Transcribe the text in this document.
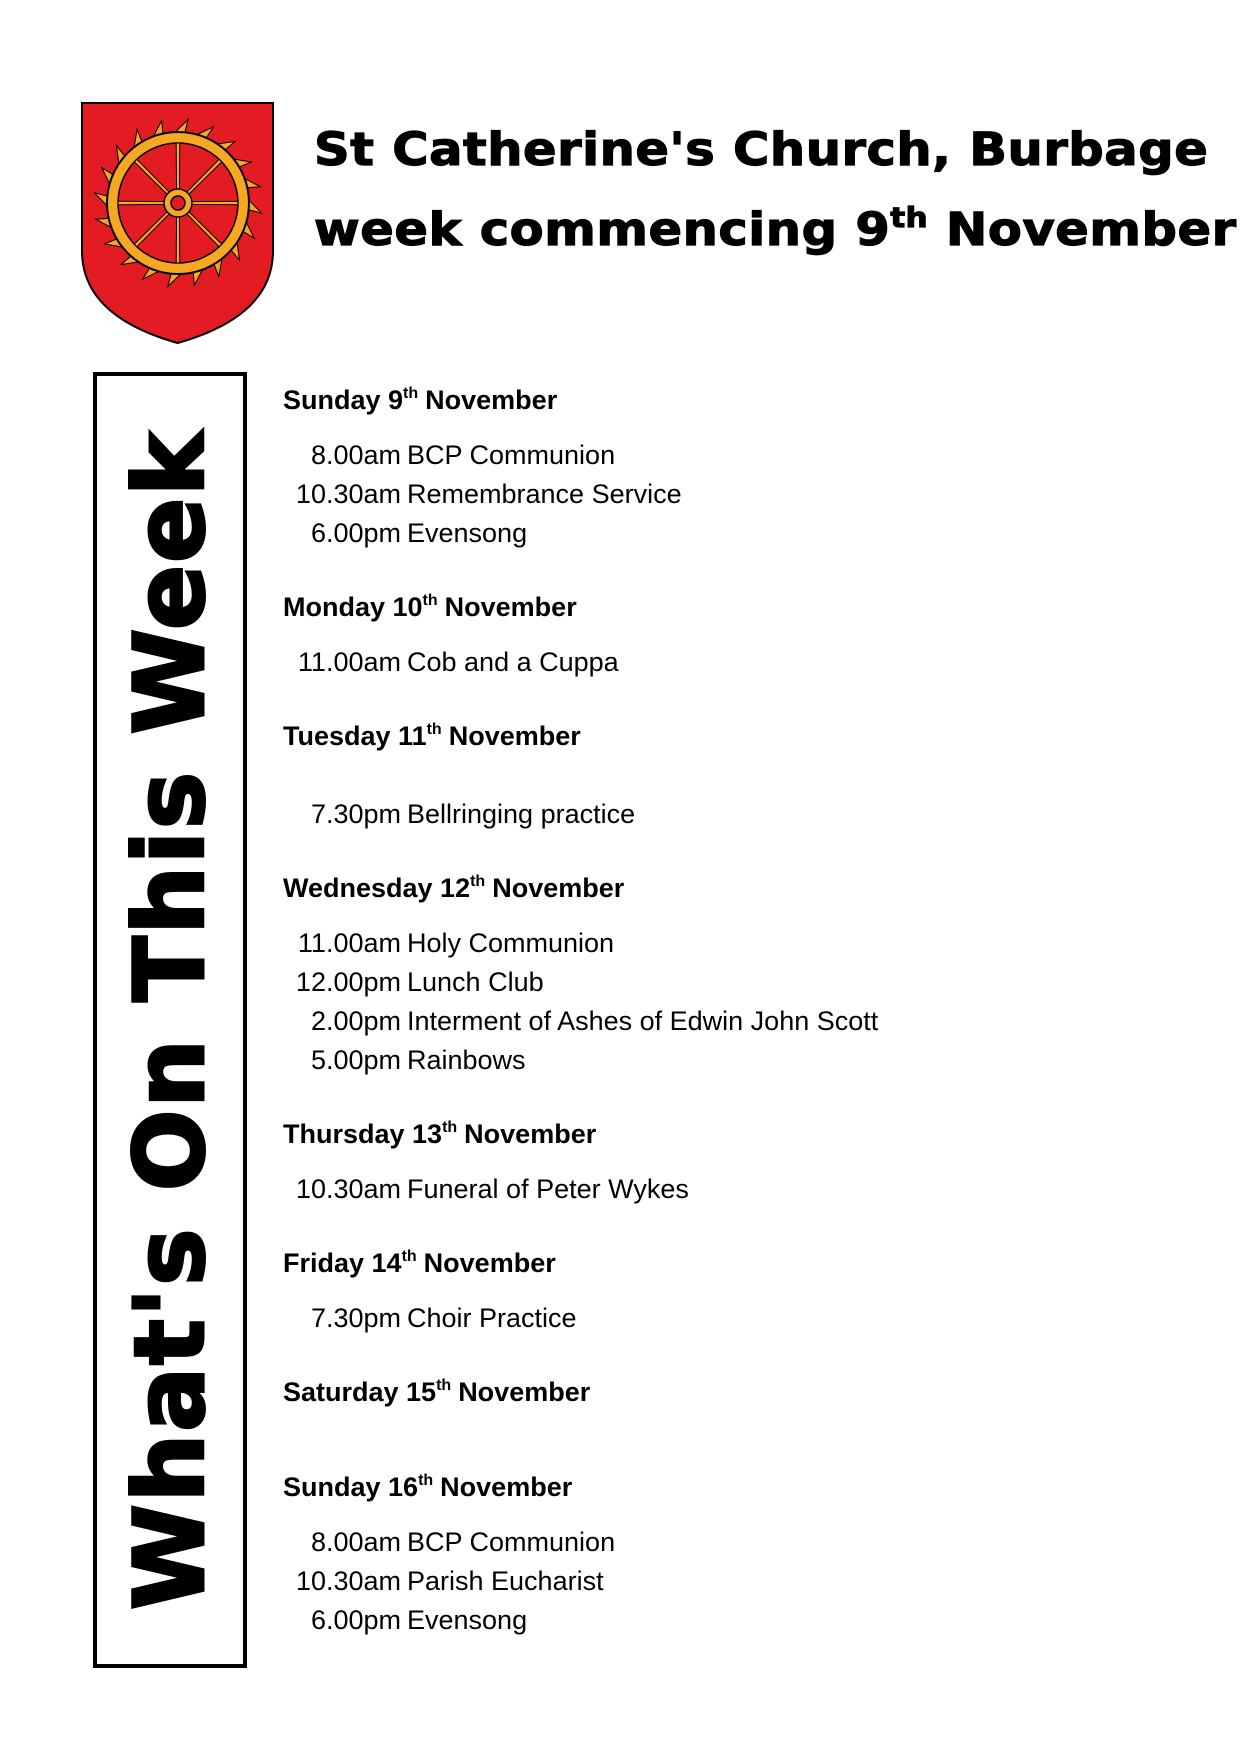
St Catherine's Church, Burbage
week commencing 9th November
What's On This Week
Sunday 9th November
8.00am BCP Communion
10.30am Remembrance Service
6.00pm Evensong
Monday 10th November
11.00am Cob and a Cuppa
Tuesday 11th November
7.30pm Bellringing practice
Wednesday 12th November
11.00am Holy Communion
12.00pm Lunch Club
2.00pm Interment of Ashes of Edwin John Scott
5.00pm Rainbows
Thursday 13th November
10.30am Funeral of Peter Wykes
Friday 14th November
7.30pm Choir Practice
Saturday 15th November
Sunday 16th November
8.00am BCP Communion
10.30am Parish Eucharist
6.00pm Evensong
